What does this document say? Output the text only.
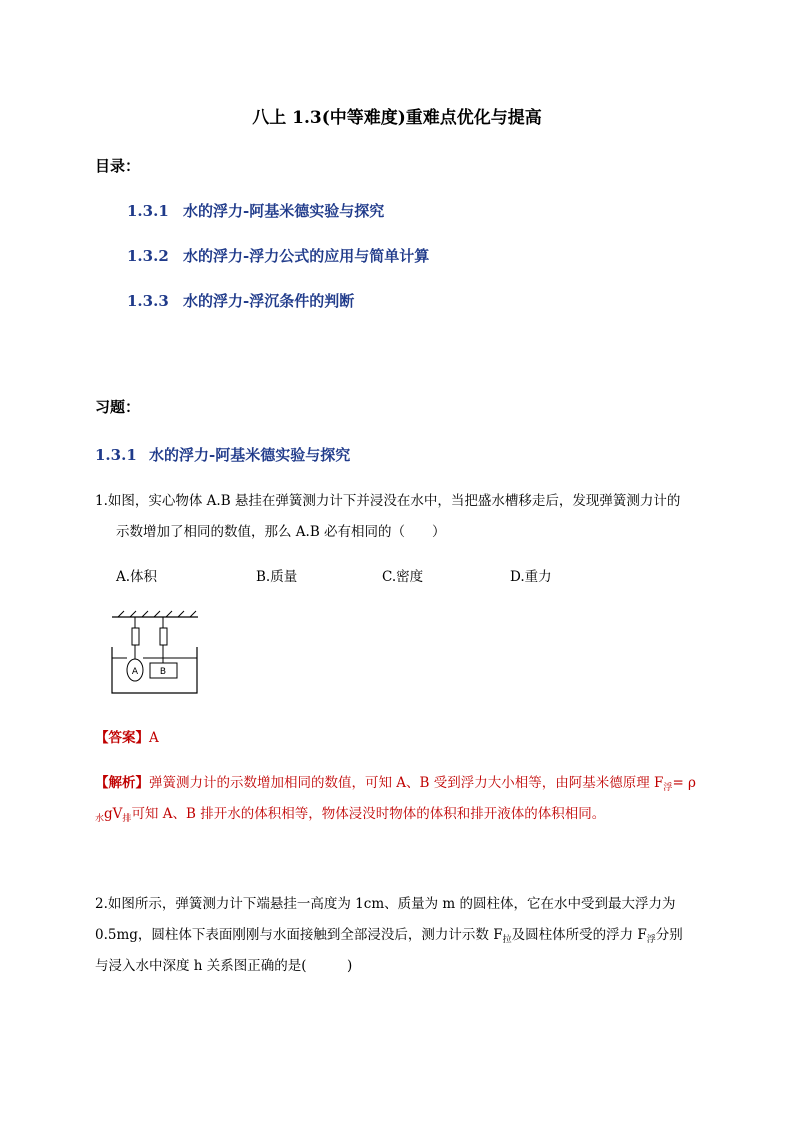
八上 1.3(中等难度)重难点优化与提高
目录：
1.3.1 水的浮力-阿基米德实验与探究
1.3.2 水的浮力-浮力公式的应用与简单计算
1.3.3 水的浮力-浮沉条件的判断
习题：
1.3.1 水的浮力-阿基米德实验与探究
1.如图，实心物体 A.B 悬挂在弹簧测力计下并浸没在水中，当把盛水槽移走后，发现弹簧测力计的
示数增加了相同的数值，那么 A.B 必有相同的（　　）
A.体积	B.质量	C.密度	D.重力
A B
【答案】A
【解析】弹簧测力计的示数增加相同的数值，可知 A、B 受到浮力大小相等，由阿基米德原理 $F_浮= \rho$
$_水gV_排$可知 A、B 排开水的体积相等，物体浸没时物体的体积和排开液体的体积相同。
2.如图所示，弹簧测力计下端悬挂一高度为 1cm、质量为 m 的圆柱体，它在水中受到最大浮力为
0.5mg，圆柱体下表面刚刚与水面接触到全部浸没后，测力计示数 $F_拉$及圆柱体所受的浮力 $F_浮$分别
与浸入水中深度 h 关系图正确的是(　　　)
